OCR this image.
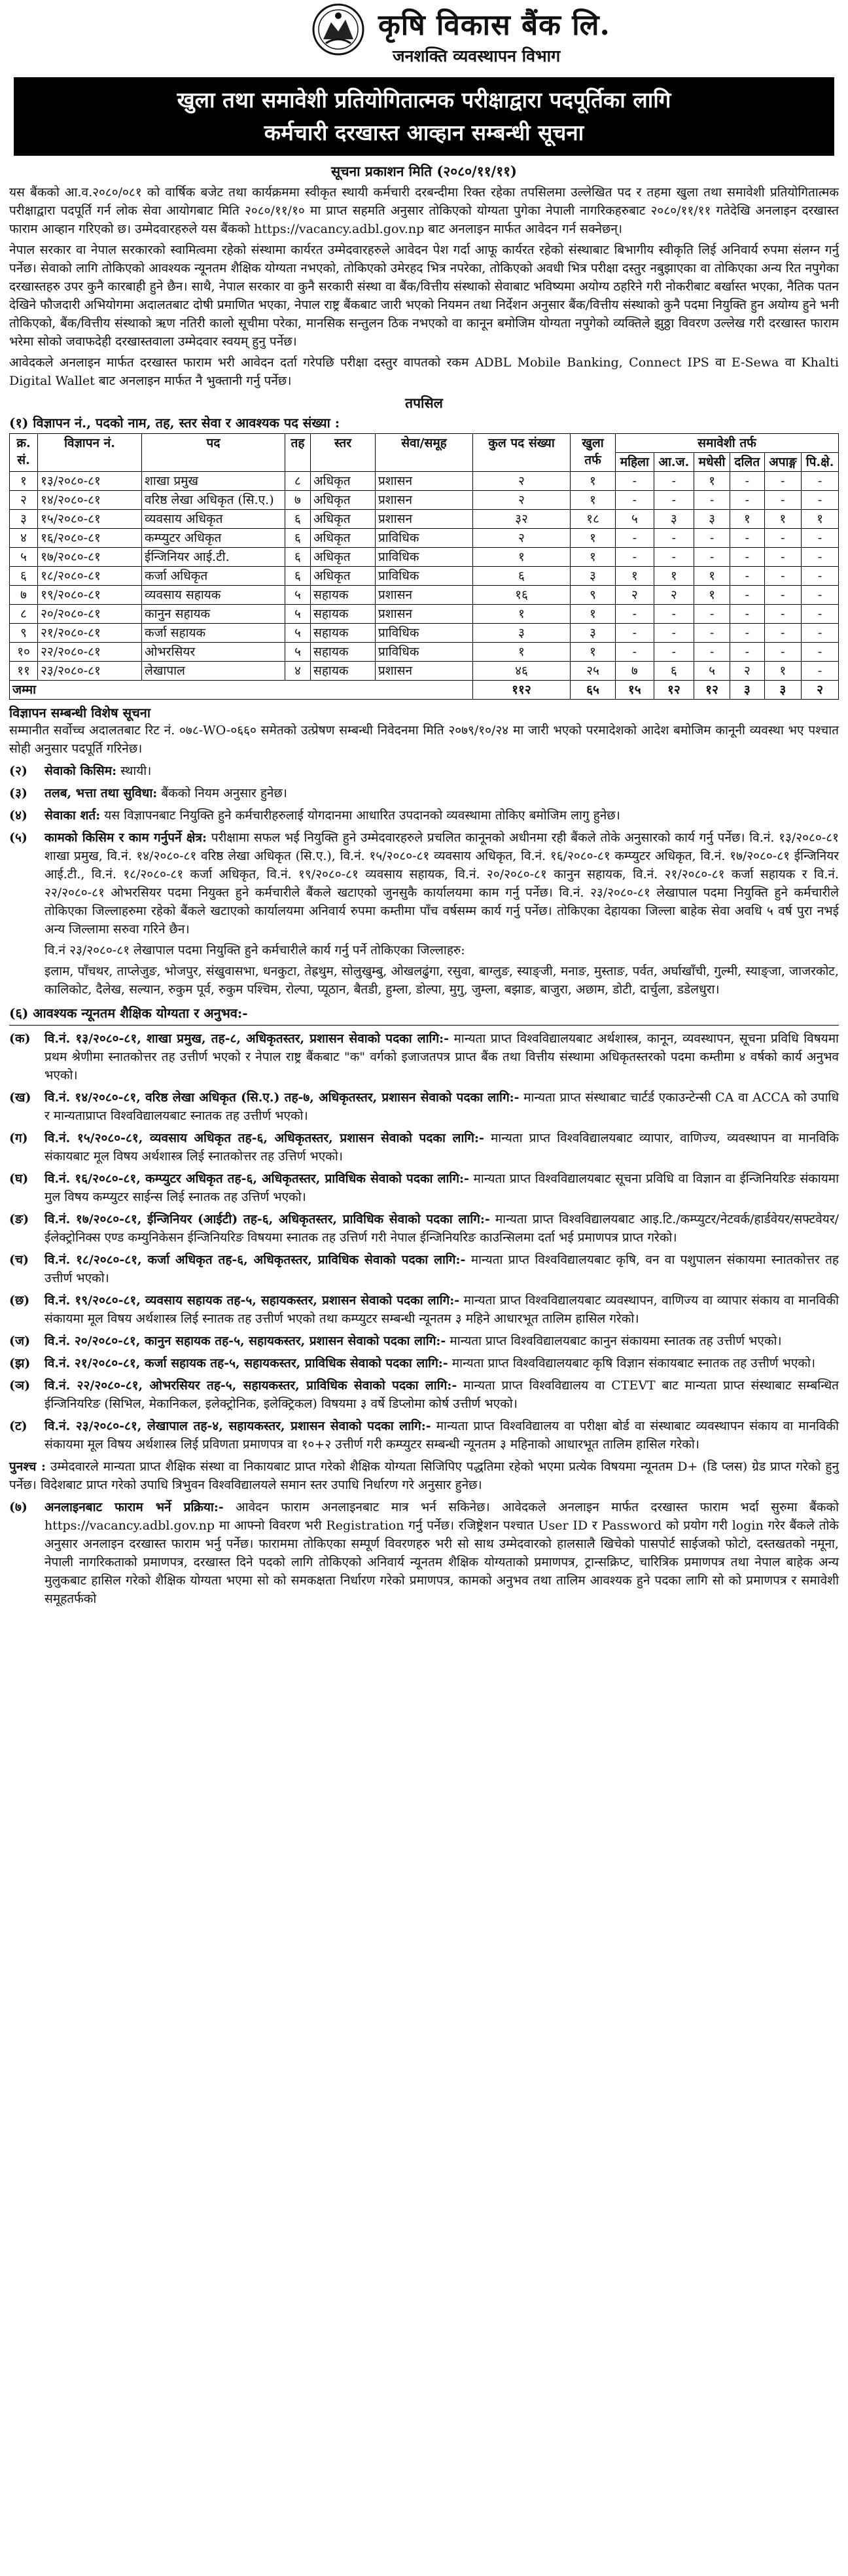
कृषि विकास बैंक लि.
जनशक्ति व्यवस्थापन विभाग
खुला तथा समावेशी प्रतियोगितात्मक परीक्षाद्वारा पदपूर्तिका लागि
कर्मचारी दरखास्त आव्हान सम्बन्धी सूचना
सूचना प्रकाशन मिति (२०८०/११/११)

यस बैंकको आ.व.२०८०/०८१ को वार्षिक बजेट तथा कार्यक्रममा स्वीकृत स्थायी कर्मचारी दरबन्दीमा रिक्त रहेका तपसिलमा उल्लेखित पद र तहमा खुला तथा समावेशी प्रतियोगितात्मक परीक्षाद्वारा पदपूर्ति गर्न लोक सेवा आयोगबाट मिति २०८०/११/१० मा प्राप्त सहमति अनुसार तोकिएको योग्यता पुगेका नेपाली नागरिकहरुबाट २०८०/११/११ गतेदेखि अनलाइन दरखास्त फाराम आव्हान गरिएको छ। उम्मेदवारहरुले यस बैंकको https://vacancy.adbl.gov.np बाट अनलाइन मार्फत आवेदन गर्न सक्नेछन्।

नेपाल सरकार वा नेपाल सरकारको स्वामित्वमा रहेको संस्थामा कार्यरत उम्मेदवारहरुले आवेदन पेश गर्दा आफू कार्यरत रहेको संस्थाबाट बिभागीय स्वीकृति लिई अनिवार्य रुपमा संलग्न गर्नु पर्नेछ। सेवाको लागि तोकिएको आवश्यक न्यूनतम शैक्षिक योग्यता नभएको, तोकिएको उमेरहद भित्र नपरेका, तोकिएको अवधी भित्र परीक्षा दस्तुर नबुझाएका वा तोकिएका अन्य रित नपुगेका दरखास्तहरु उपर कुनै कारबाही हुने छैन। साथै, नेपाल सरकार वा कुनै सरकारी संस्था वा बैंक/वित्तीय संस्थाको सेवाबाट भविष्यमा अयोग्य ठहरिने गरी नोकरीबाट बर्खास्त भएका, नैतिक पतन देखिने फौजदारी अभियोगमा अदालतबाट दोषी प्रमाणित भएका, नेपाल राष्ट्र बैंकबाट जारी भएको नियमन तथा निर्देशन अनुसार बैंक/वित्तीय संस्थाको कुनै पदमा नियुक्ति हुन अयोग्य हुने भनी तोकिएको, बैंक/वित्तीय संस्थाको ऋण नतिरी कालो सूचीमा परेका, मानसिक सन्तुलन ठिक नभएको वा कानून बमोजिम योग्यता नपुगेको व्यक्तिले झुठ्ठा विवरण उल्लेख गरी दरखास्त फाराम भरेमा सोको जवाफदेही दरखास्तवाला उम्मेदवार स्वयम् हुनु पर्नेछ।

आवेदकले अनलाइन मार्फत दरखास्त फाराम भरी आवेदन दर्ता गरेपछि परीक्षा दस्तुर वापतको रकम ADBL Mobile Banking, Connect IPS वा E-Sewa वा Khalti Digital Wallet बाट अनलाइन मार्फत नै भुक्तानी गर्नु पर्नेछ।

तपसिल
(१) विज्ञापन नं., पदको नाम, तह, स्तर सेवा र आवश्यक पद संख्या :
क्र. सं.	विज्ञापन नं.	पद	तह	स्तर	सेवा/समूह	कुल पद संख्या	खुला तर्फ	समावेशी तर्फ					
								महिला	आ.ज.	मधेसी	दलित	अपाङ्ग	पि.क्षे.
१	१३/२०८०-८१	शाखा प्रमुख	८	अधिकृत	प्रशासन	२	१	-	-	१	-	-	-
२	१४/२०८०-८१	वरिष्ठ लेखा अधिकृत (सि.ए.)	७	अधिकृत	प्रशासन	२	१	-	-	-	-	-	-
३	१५/२०८०-८१	व्यवसाय अधिकृत	६	अधिकृत	प्रशासन	३२	१८	५	३	३	१	१	१
४	१६/२०८०-८१	कम्प्युटर अधिकृत	६	अधिकृत	प्राविधिक	२	१	-	-	-	-	-	-
५	१७/२०८०-८१	ईन्जिनियर आई.टी.	६	अधिकृत	प्राविधिक	१	१	-	-	-	-	-	-
६	१८/२०८०-८१	कर्जा अधिकृत	६	अधिकृत	प्राविधिक	६	३	१	१	१	-	-	-
७	१९/२०८०-८१	व्यवसाय सहायक	५	सहायक	प्रशासन	१६	९	२	२	१	-	-	-
८	२०/२०८०-८१	कानुन सहायक	५	सहायक	प्रशासन	१	१	-	-	-	-	-	-
९	२१/२०८०-८१	कर्जा सहायक	५	सहायक	प्राविधिक	३	३	-	-	-	-	-	-
१०	२२/२०८०-८१	ओभरसियर	५	सहायक	प्राविधिक	१	१	-	-	-	-	-	-
११	२३/२०८०-८१	लेखापाल	४	सहायक	प्रशासन	४६	२५	७	६	५	२	१	-
जम्मा						११२	६५	१५	१२	१२	३	३	२
विज्ञापन सम्बन्धी विशेष सूचना

सम्मानीत सर्वोच्च अदालतबाट रिट नं. ०७८-WO-०६६० समेतको उत्प्रेषण सम्बन्धी निवेदनमा मिति २०७९/१०/२४ मा जारी भएको परमादेशको आदेश बमोजिम कानूनी व्यवस्था भए पश्चात सोही अनुसार पदपूर्ति गरिनेछ।

(२)	सेवाको किसिम: स्थायी।
(३)	तलब, भत्ता तथा सुविधा: बैंकको नियम अनुसार हुनेछ।
(४)	सेवाका शर्त: यस विज्ञापनबाट नियुक्ति हुने कर्मचारीहरुलाई योगदानमा आधारित उपदानको व्यवस्थामा तोकिए बमोजिम लागु हुनेछ।
(५)	कामको किसिम र काम गर्नुपर्ने क्षेत्र: परीक्षामा सफल भई नियुक्ति हुने उम्मेदवारहरुले प्रचलित कानूनको अधीनमा रही बैंकले तोके अनुसारको कार्य गर्नु पर्नेछ। वि.नं. १३/२०८०-८१ शाखा प्रमुख, वि.नं. १४/२०८०-८१ वरिष्ठ लेखा अधिकृत (सि.ए.), वि.नं. १५/२०८०-८१ व्यवसाय अधिकृत, वि.नं. १६/२०८०-८१ कम्प्युटर अधिकृत, वि.नं. १७/२०८०-८१ ईन्जिनियर आई.टी., वि.नं. १८/२०८०-८१ कर्जा अधिकृत, वि.नं. १९/२०८०-८१ व्यवसाय सहायक, वि.नं. २०/२०८०-८१ कानुन सहायक, वि.नं. २१/२०८०-८१ कर्जा सहायक र वि.नं. २२/२०८०-८१ ओभरसियर पदमा नियुक्त हुने कर्मचारीले बैंकले खटाएको जुनसुकै कार्यालयमा काम गर्नु पर्नेछ। वि.नं. २३/२०८०-८१ लेखापाल पदमा नियुक्ति हुने कर्मचारीले तोकिएका जिल्लाहरुमा रहेको बैंकले खटाएको कार्यालयमा अनिवार्य रुपमा कम्तीमा पाँच वर्षसम्म कार्य गर्नु पर्नेछ। तोकिएका देहायका जिल्ला बाहेक सेवा अवधि ५ वर्ष पुरा नभई अन्य जिल्लामा सरुवा गरिने छैन।
वि.नं २३/२०८०-८१ लेखापाल पदमा नियुक्ति हुने कर्मचारीले कार्य गर्नु पर्ने तोकिएका जिल्लाहरु:
इलाम, पाँचथर, ताप्लेजुङ, भोजपुर, संखुवासभा, धनकुटा, तेह्रथुम, सोलुखुम्बु, ओखलढुंगा, रसुवा, बाग्लुङ, स्याङ्जी, मनाङ, मुस्ताङ, पर्वत, अर्घाखाँची, गुल्मी, स्याङ्जा, जाजरकोट, कालिकोट, दैलेख, सल्यान, रुकुम पूर्व, रुकुम पश्चिम, रोल्पा, प्यूठान, बैतडी, हुम्ला, डोल्पा, मुगु, जुम्ला, बझाङ, बाजुरा, अछाम, डोटी, दार्चुला, डडेलधुरा।
(६) आवश्यक न्यूनतम शैक्षिक योग्यता र अनुभव:-
(क)	वि.नं. १३/२०८०-८१, शाखा प्रमुख, तह-८, अधिकृतस्तर, प्रशासन सेवाको पदका लागि:- मान्यता प्राप्त विश्वविद्यालयबाट अर्थशास्त्र, कानून, व्यवस्थापन, सूचना प्रविधि विषयमा प्रथम श्रेणीमा स्नातकोत्तर तह उत्तीर्ण भएको र नेपाल राष्ट्र बैंकबाट "क" वर्गको इजाजतपत्र प्राप्त बैंक तथा वित्तीय संस्थामा अधिकृतस्तरको पदमा कम्तीमा ४ वर्षको कार्य अनुभव भएको।
(ख)	वि.नं. १४/२०८०-८१, वरिष्ठ लेखा अधिकृत (सि.ए.) तह-७, अधिकृतस्तर, प्रशासन सेवाको पदका लागि:- मान्यता प्राप्त संस्थाबाट चार्टर्ड एकाउन्टेन्सी CA वा ACCA को उपाधि र मान्यताप्राप्त विश्वविद्यालयबाट स्नातक तह उत्तीर्ण भएको।
(ग)	वि.नं. १५/२०८०-८१, व्यवसाय अधिकृत तह-६, अधिकृतस्तर, प्रशासन सेवाको पदका लागि:- मान्यता प्राप्त विश्वविद्यालयबाट व्यापार, वाणिज्य, व्यवस्थापन वा मानविकि संकायबाट मूल विषय अर्थशास्त्र लिई स्नातकोत्तर तह उत्तिर्ण भएको।
(घ)	वि.नं. १६/२०८०-८१, कम्प्युटर अधिकृत तह-६, अधिकृतस्तर, प्राविधिक सेवाको पदका लागि:- मान्यता प्राप्त विश्वविद्यालयबाट सूचना प्रविधि वा विज्ञान वा ईन्जिनियरिङ संकायमा मुल विषय कम्प्युटर साईन्स लिई स्नातक तह उत्तिर्ण भएको।
(ङ)	वि.नं. १७/२०८०-८१, ईन्जिनियर (आईटी) तह-६, अधिकृतस्तर, प्राविधिक सेवाको पदका लागि:- मान्यता प्राप्त विश्वविद्यालयबाट आइ.टि./कम्प्युटर/नेटवर्क/हार्डवेयर/सफ्टवेयर/ईलेक्ट्रोनिक्स एण्ड कम्युनिकेसन ईन्जिनियरिङ विषयमा स्नातक तह उत्तिर्ण गरी नेपाल ईन्जिनियरिङ काउन्सिलमा दर्ता भई प्रमाणपत्र प्राप्त गरेको।
(च)	वि.नं. १८/२०८०-८१, कर्जा अधिकृत तह-६, अधिकृतस्तर, प्राविधिक सेवाको पदका लागि:- मान्यता प्राप्त विश्वविद्यालयबाट कृषि, वन वा पशुपालन संकायमा स्नातकोत्तर तह उत्तीर्ण भएको।
(छ)	वि.नं. १९/२०८०-८१, व्यवसाय सहायक तह-५, सहायकस्तर, प्रशासन सेवाको पदका लागि:- मान्यता प्राप्त विश्वविद्यालयबाट व्यवस्थापन, वाणिज्य वा व्यापार संकाय वा मानविकी संकायमा मूल विषय अर्थशास्त्र लिई स्नातक तह उत्तीर्ण भएको तथा कम्प्युटर सम्बन्धी न्यूनतम ३ महिने आधारभूत तालिम हासिल गरेको।
(ज)	वि.नं. २०/२०८०-८१, कानुन सहायक तह-५, सहायकस्तर, प्रशासन सेवाको पदका लागि:- मान्यता प्राप्त विश्वविद्यालयबाट कानुन संकायमा स्नातक तह उत्तीर्ण भएको।
(झ)	वि.नं. २१/२०८०-८१, कर्जा सहायक तह-५, सहायकस्तर, प्राविधिक सेवाको पदका लागि:- मान्यता प्राप्त विश्वविद्यालयबाट कृषि विज्ञान संकायबाट स्नातक तह उत्तीर्ण भएको।
(ञ)	वि.नं. २२/२०८०-८१, ओभरसियर तह-५, सहायकस्तर, प्राविधिक सेवाको पदका लागि:- मान्यता प्राप्त विश्वविद्यालय वा CTEVT बाट मान्यता प्राप्त संस्थाबाट सम्बन्धित ईन्जिनियरिङ (सिभिल, मेकानिकल, इलेक्ट्रोनिक, इलेक्ट्रिकल) विषयमा ३ वर्षे डिप्लोमा कोर्ष उत्तीर्ण भएको।
(ट)	वि.नं. २३/२०८०-८१, लेखापाल तह-४, सहायकस्तर, प्रशासन सेवाको पदका लागि:- मान्यता प्राप्त विश्वविद्यालय वा परीक्षा बोर्ड वा संस्थाबाट व्यवस्थापन संकाय वा मानविकी संकायमा मूल विषय अर्थशास्त्र लिई प्रविणता प्रमाणपत्र वा १०+२ उत्तीर्ण गरी कम्प्युटर सम्बन्धी न्यूनतम ३ महिनाको आधारभूत तालिम हासिल गरेको।
पुनश्च : उम्मेदवारले मान्यता प्राप्त शैक्षिक संस्था वा निकायबाट प्राप्त गरेको शैक्षिक योग्यता सिजिपिए पद्धतिमा रहेको भएमा प्रत्येक विषयमा न्यूनतम D+ (डि प्लस) ग्रेड प्राप्त गरेको हुनु पर्नेछ। विदेशबाट प्राप्त गरेको उपाधि त्रिभुवन विश्वविद्यालयले समान स्तर उपाधि निर्धारण गरे अनुसार हुनेछ।
(७)	अनलाइनबाट फाराम भर्ने प्रक्रिया:- आवेदन फाराम अनलाइनबाट मात्र भर्न सकिनेछ। आवेदकले अनलाइन मार्फत दरखास्त फाराम भर्दा सुरुमा बैंकको https://vacancy.adbl.gov.np मा आफ्नो विवरण भरी Registration गर्नु पर्नेछ। रजिष्ट्रेशन पश्चात User ID र Password को प्रयोग गरी login गरेर बैंकले तोके अनुसार अनलाइन दरखास्त फाराम भर्नु पर्नेछ। फाराममा तोकिएका सम्पूर्ण विवरणहरु भरी सो साथ उम्मेदवारको हालसालै खिचेको पासपोर्ट साईजको फोटो, दस्तखतको नमूना, नेपाली नागरिकताको प्रमाणपत्र, दरखास्त दिने पदको लागि तोकिएको अनिवार्य न्यूनतम शैक्षिक योग्यताको प्रमाणपत्र, ट्रान्सक्रिप्ट, चारित्रिक प्रमाणपत्र तथा नेपाल बाहेक अन्य मुलुकबाट हासिल गरेको शैक्षिक योग्यता भएमा सो को समकक्षता निर्धारण गरेको प्रमाणपत्र, कामको अनुभव तथा तालिम आवश्यक हुने पदका लागि सो को प्रमाणपत्र र समावेशी समूहतर्फको
